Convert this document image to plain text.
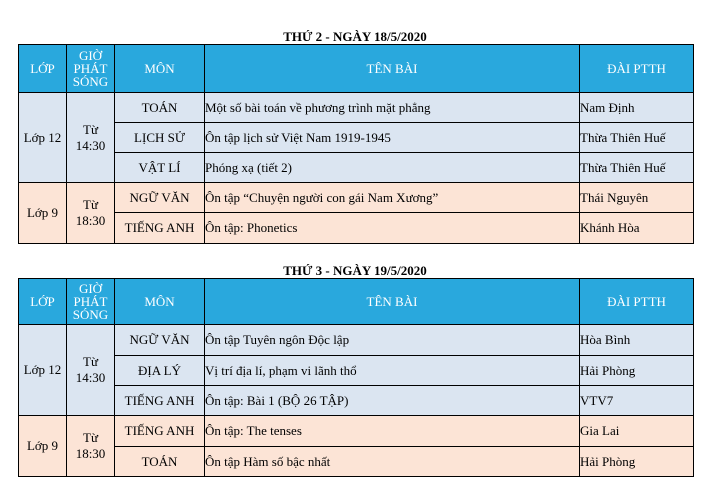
THỨ 2 - NGÀY 18/5/2020
LỚP	GIỜ PHÁT SÓNG	MÔN	TÊN BÀI	ĐÀI PTTH
Lớp 12	Từ 14:30	TOÁN	Một số bài toán về phương trình mặt phẳng	Nam Định
		LỊCH SỬ	Ôn tập lịch sử Việt Nam 1919-1945	Thừa Thiên Huế
		VẬT LÍ	Phóng xạ (tiết 2)	Thừa Thiên Huế
Lớp 9	Từ 18:30	NGỮ VĂN	Ôn tập “Chuyện người con gái Nam Xương”	Thái Nguyên
		TIẾNG ANH	Ôn tập: Phonetics	Khánh Hòa
THỨ 3 - NGÀY 19/5/2020
LỚP	GIỜ PHÁT SÓNG	MÔN	TÊN BÀI	ĐÀI PTTH
Lớp 12	Từ 14:30	NGỮ VĂN	Ôn tập Tuyên ngôn Độc lập	Hòa Bình
		ĐỊA LÝ	Vị trí địa lí, phạm vi lãnh thổ	Hải Phòng
		TIẾNG ANH	Ôn tập: Bài 1 (BỘ 26 TẬP)	VTV7
Lớp 9	Từ 18:30	TIẾNG ANH	Ôn tập: The tenses	Gia Lai
		TOÁN	Ôn tập Hàm số bậc nhất	Hải Phòng
